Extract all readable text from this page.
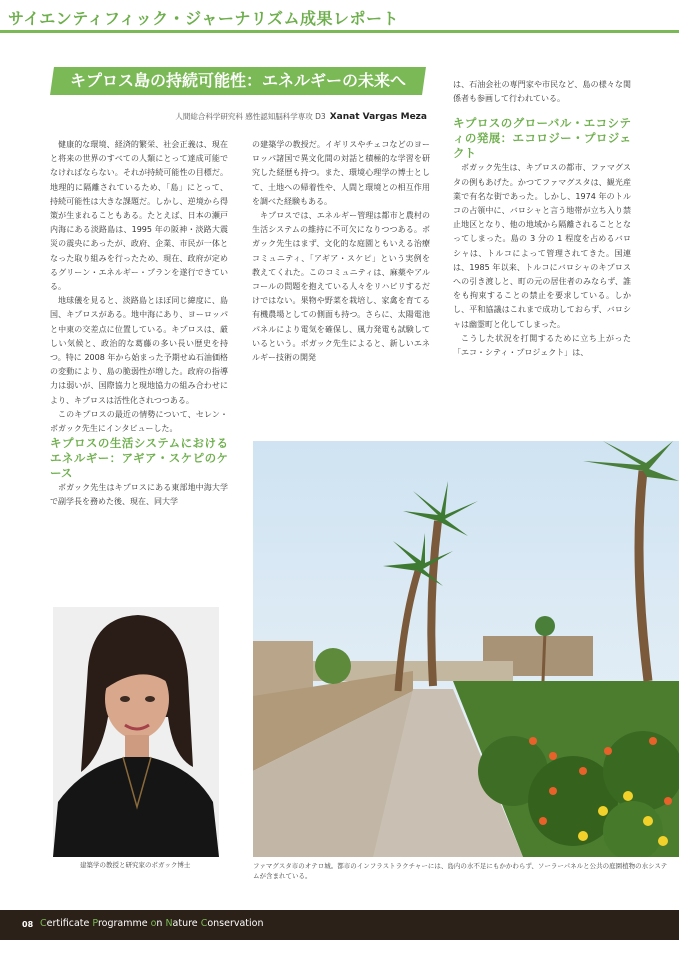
サイエンティフィック・ジャーナリズム成果レポート
キプロス島の持続可能性：エネルギーの未来へ
人間総合科学研究科 感性認知脳科学専攻 D3 Xanat Vargas Meza

健康的な環境、経済的繁栄、社会正義は、現在と将来の世界のすべての人類にとって達成可能でなければならない。それが持続可能性の目標だ。地理的に隔離されているため、「島」にとって、持続可能性は大きな課題だ。しかし、逆境から得策が生まれることもある。たとえば、日本の瀬戸内海にある淡路島は、1995 年の阪神・淡路大震災の震央にあったが、政府、企業、市民が一体となった取り組みを行ったため、現在、政府が定めるグリーン・エネルギー・プランを遂行できている。

地球儀を見ると、淡路島とほぼ同じ緯度に、島国、キプロスがある。地中海にあり、ヨーロッパと中東の交差点に位置している。キプロスは、厳しい気候と、政治的な葛藤の多い長い歴史を持つ。特に 2008 年から始まった予期せぬ石油価格の変動により、島の脆弱性が増した。政府の指導力は弱いが、国際協力と現地協力の組み合わせにより、キプロスは活性化されつつある。

このキプロスの最近の情勢について、セレン・ボガック先生にインタビューした。

キプロスの生活システムにおけるエネルギー：アギア・スケピのケース

ボガック先生はキプロスにある東部地中海大学で副学長を務めた後、現在、同大学

の建築学の教授だ。イギリスやチェコなどのヨーロッパ諸国で異文化間の対話と積極的な学習を研究した経歴も持つ。また、環境心理学の博士として、土地への帰着性や、人間と環境との相互作用を調べた経験もある。

キプロスでは、エネルギー管理は都市と農村の生活システムの維持に不可欠になりつつある。ボガック先生はまず、文化的な庭園ともいえる治療コミュニティ、「アギア・スケピ」という実例を教えてくれた。このコミュニティは、麻薬やアルコールの問題を抱えている人々をリハビリするだけではない。果物や野菜を栽培し、家禽を育てる有機農場としての側面も持つ。さらに、太陽電池パネルにより電気を確保し、風力発電も試験しているという。ボガック先生によると、新しいエネルギー技術の開発

は、石油会社の専門家や市民など、島の様々な関係者も参画して行われている。

キプロスのグローバル・エコシティの発展：エコロジー・プロジェクト

ボガック先生は、キプロスの都市、ファマグスタの例もあげた。かつてファマグスタは、観光産業で有名な街であった。しかし、1974 年のトルコの占領中に、バロシャと言う地帯が立ち入り禁止地区となり、他の地域から隔離されることとなってしまった。島の 3 分の 1 程度を占めるバロシャは、トルコによって管理されてきた。国連は、1985 年以来、トルコにバロシャのキプロスへの引き渡しと、町の元の居住者のみならず、誰をも拘束することの禁止を要求している。しかし、平和協議はこれまで成功しておらず、バロシャは幽霊町と化してしまった。

こうした状況を打開するために立ち上がった「エコ・シティ・プロジェクト」は、

建築学の教授と研究家のボガック博士	ファマグスタ市のオテロ城。都市のインフラストラクチャーには、島内の水不足にもかかわらず、ソーラーパネルと公共の庭園植物の水システムが含まれている。
08 Certificate Programme on Nature Conservation
